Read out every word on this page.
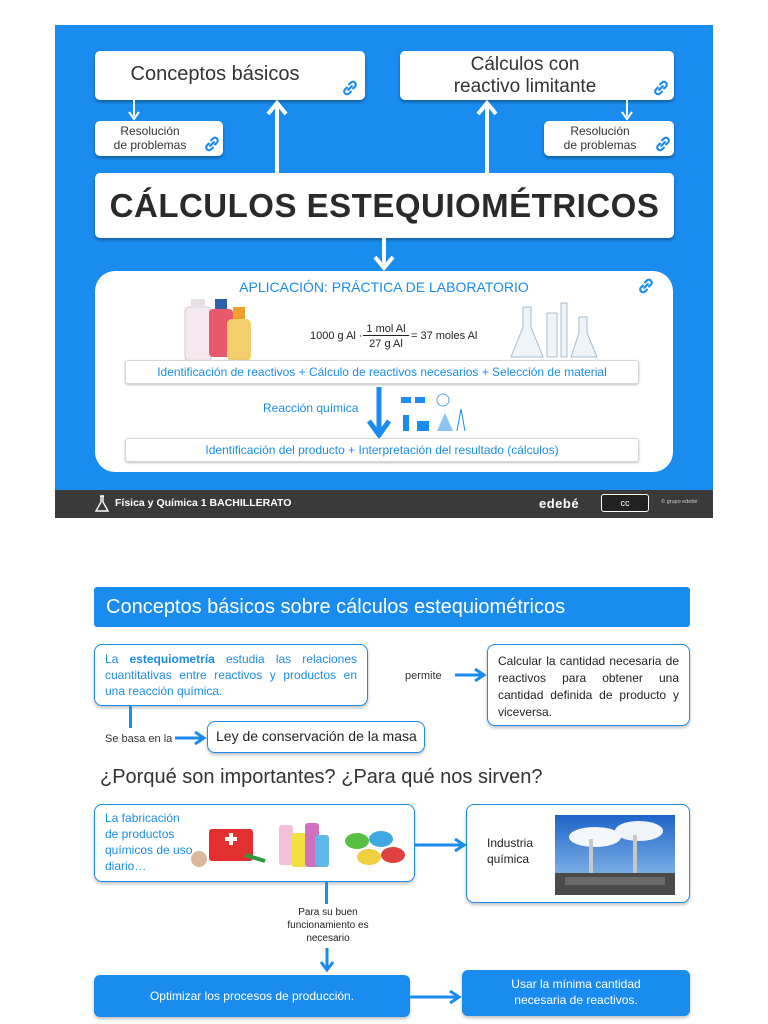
Conceptos básicos	Cálculos con
reactivo limitante
Resolución
de problemas
Resolución
de problemas
CÁLCULOS ESTEQUIOMÉTRICOS
APLICACIÓN: PRÁCTICA DE LABORATORIO
1000 g Al ·
1 mol Al
27 g Al
= 37 moles Al
Identificación de reactivos + Cálculo de reactivos necesarios + Selección de material
Reacción química
Identificación del producto + Interpretación del resultado (cálculos)
Física y Química 1 BACHILLERATO	edebé	cc	© grupo edebé
Conceptos básicos sobre cálculos estequiométricos
La estequiometría estudia las relaciones cuantitativas entre reactivos y productos en una reacción química.
permite
Calcular la cantidad necesaria de reactivos para obtener una cantidad definida de producto y viceversa.
Se basa en la	Ley de conservación de la masa
¿Porqué son importantes? ¿Para qué nos sirven?
La fabricación de productos químicos de uso diario…
Industria química
Para su buen funcionamiento es necesario
Optimizar los procesos de producción.
Usar la mínima cantidad necesaria de reactivos.
